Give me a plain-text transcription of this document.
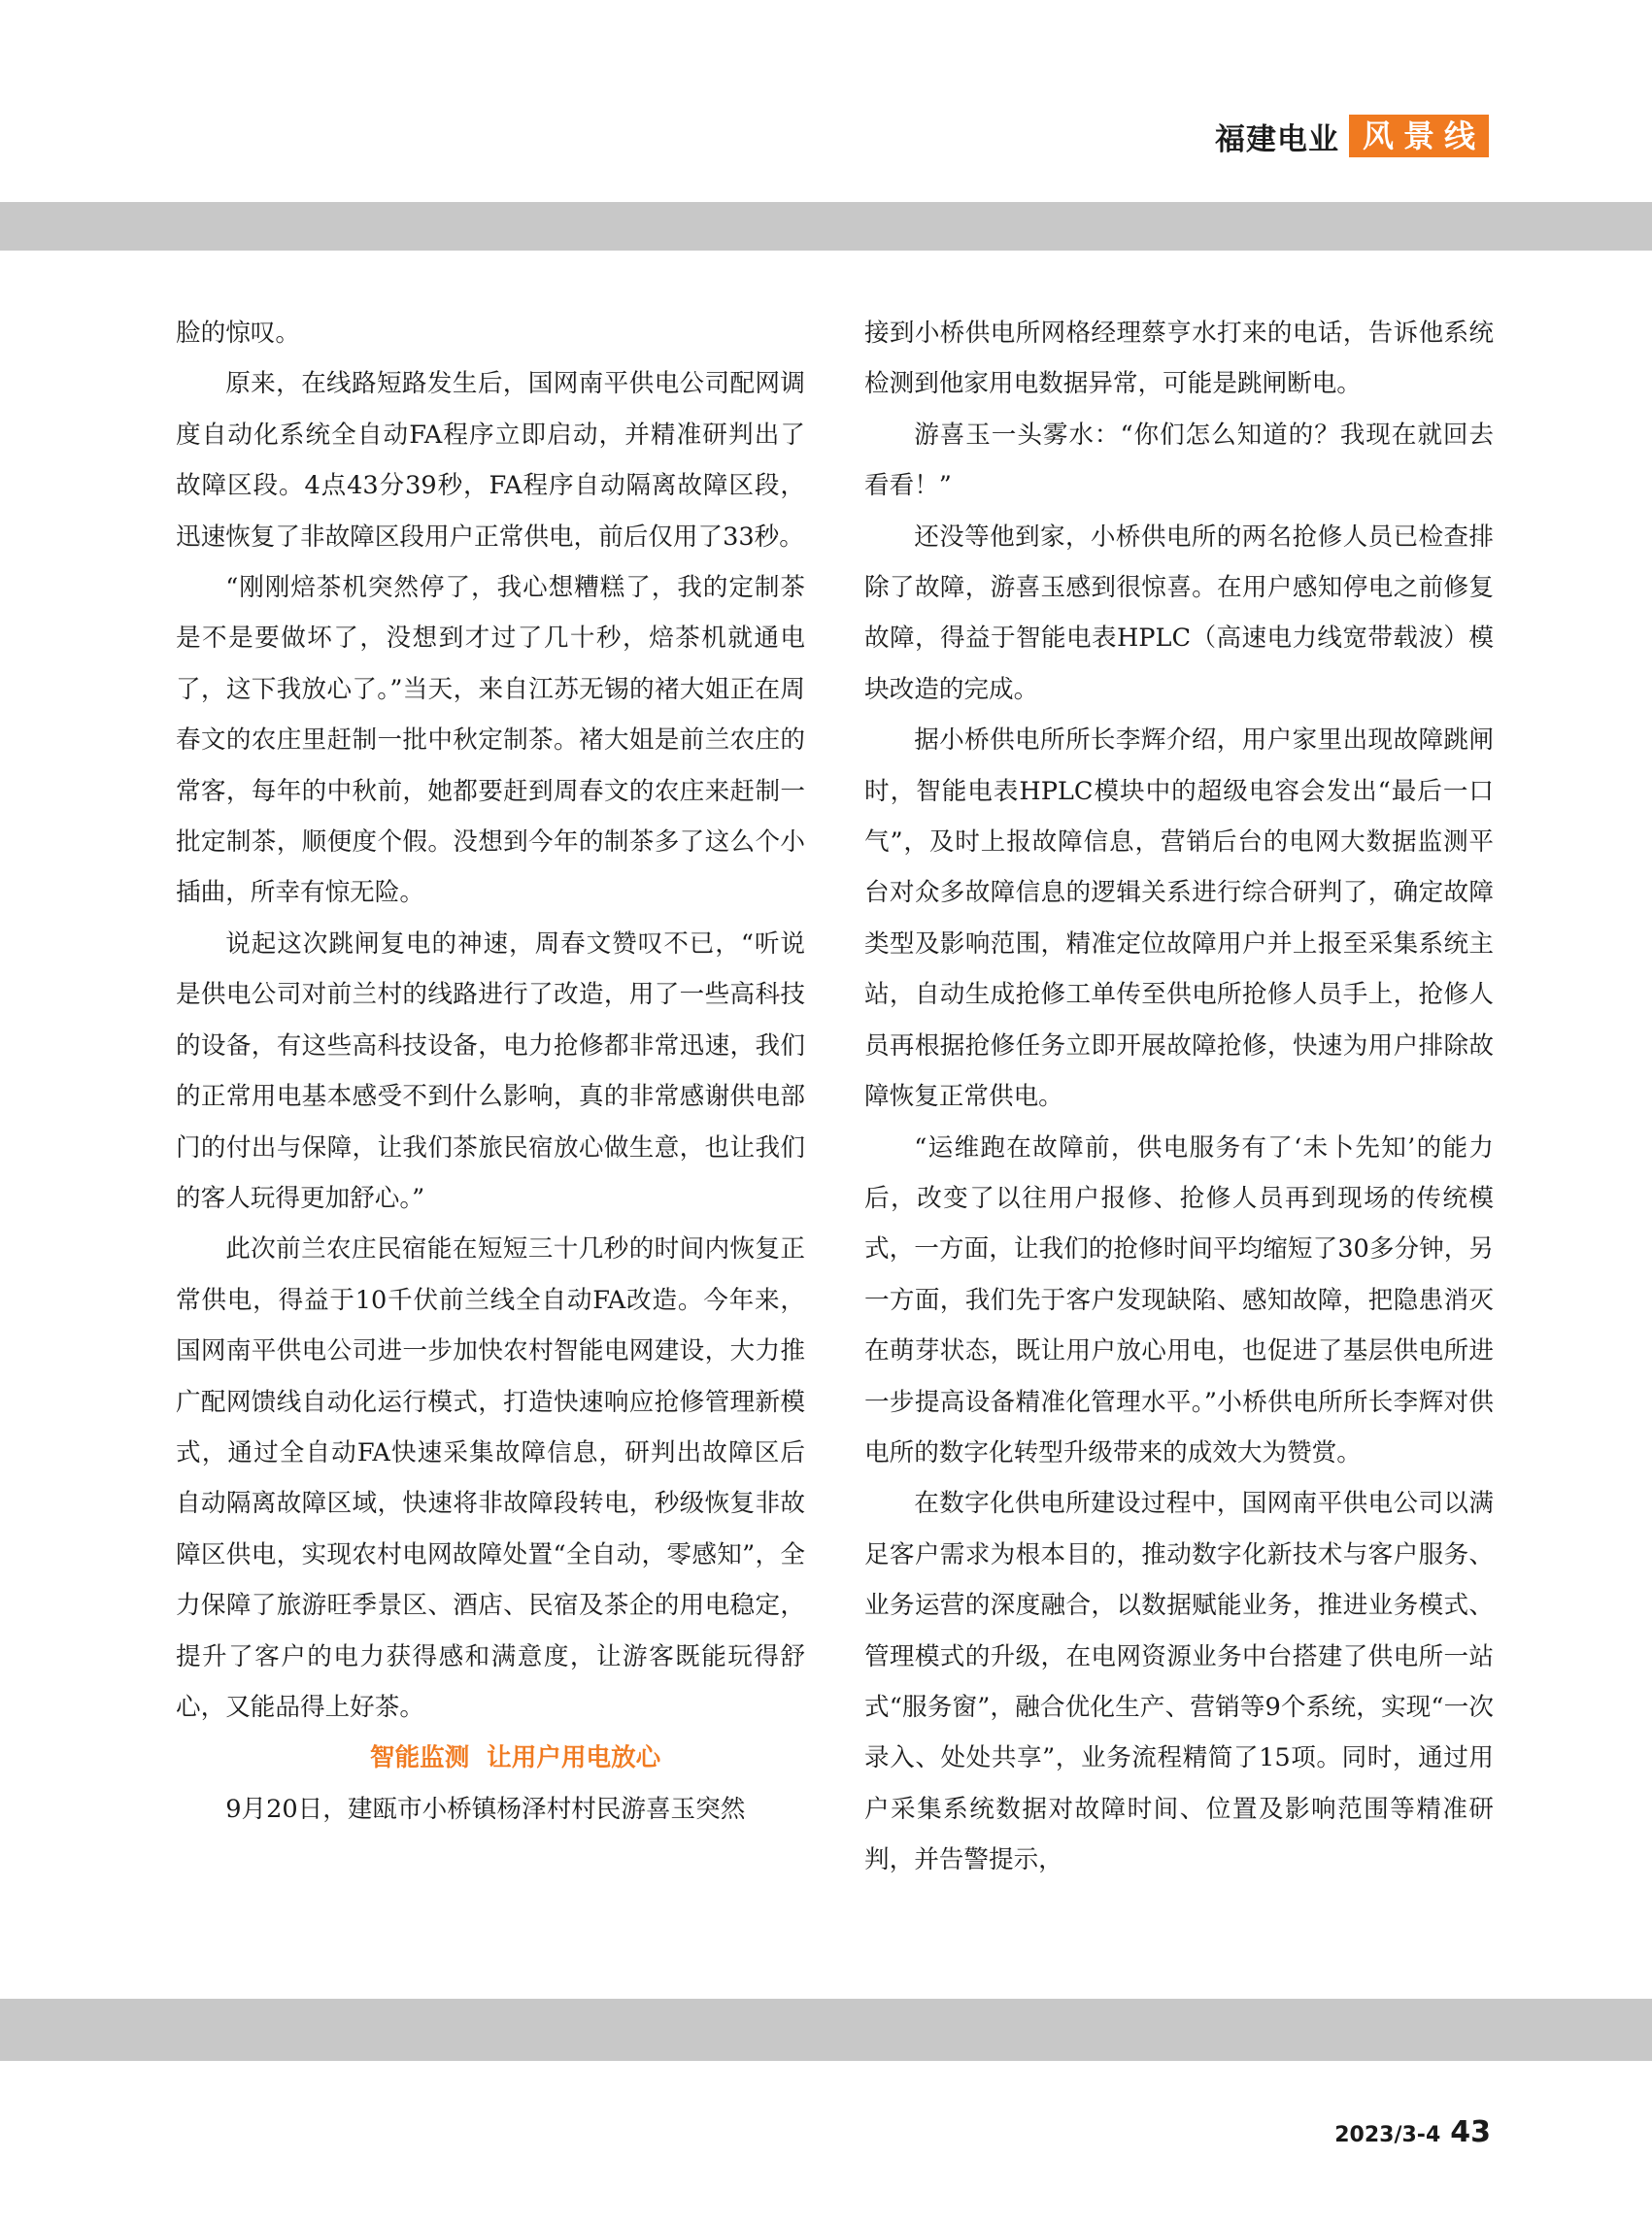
福建电业 风景线

脸的惊叹。

原来，在线路短路发生后，国网南平供电公司配网调度自动化系统全自动FA程序立即启动，并精准研判出了故障区段。4点43分39秒，FA程序自动隔离故障区段，迅速恢复了非故障区段用户正常供电，前后仅用了33秒。

“刚刚焙茶机突然停了，我心想糟糕了，我的定制茶是不是要做坏了，没想到才过了几十秒，焙茶机就通电了，这下我放心了。”当天，来自江苏无锡的褚大姐正在周春文的农庄里赶制一批中秋定制茶。褚大姐是前兰农庄的常客，每年的中秋前，她都要赶到周春文的农庄来赶制一批定制茶，顺便度个假。没想到今年的制茶多了这么个小插曲，所幸有惊无险。

说起这次跳闸复电的神速，周春文赞叹不已，“听说是供电公司对前兰村的线路进行了改造，用了一些高科技的设备，有这些高科技设备，电力抢修都非常迅速，我们的正常用电基本感受不到什么影响，真的非常感谢供电部门的付出与保障，让我们茶旅民宿放心做生意，也让我们的客人玩得更加舒心。”

此次前兰农庄民宿能在短短三十几秒的时间内恢复正常供电，得益于10千伏前兰线全自动FA改造。今年来，国网南平供电公司进一步加快农村智能电网建设，大力推广配网馈线自动化运行模式，打造快速响应抢修管理新模式，通过全自动FA快速采集故障信息，研判出故障区后自动隔离故障区域，快速将非故障段转电，秒级恢复非故障区供电，实现农村电网故障处置“全自动，零感知”，全力保障了旅游旺季景区、酒店、民宿及茶企的用电稳定，提升了客户的电力获得感和满意度，让游客既能玩得舒心，又能品得上好茶。

智能监测  让用户用电放心

9月20日，建瓯市小桥镇杨泽村村民游喜玉突然

接到小桥供电所网格经理蔡亨水打来的电话，告诉他系统检测到他家用电数据异常，可能是跳闸断电。

游喜玉一头雾水：“你们怎么知道的？我现在就回去看看！”

还没等他到家，小桥供电所的两名抢修人员已检查排除了故障，游喜玉感到很惊喜。在用户感知停电之前修复故障，得益于智能电表HPLC（高速电力线宽带载波）模块改造的完成。

据小桥供电所所长李辉介绍，用户家里出现故障跳闸时，智能电表HPLC模块中的超级电容会发出“最后一口气”，及时上报故障信息，营销后台的电网大数据监测平台对众多故障信息的逻辑关系进行综合研判了，确定故障类型及影响范围，精准定位故障用户并上报至采集系统主站，自动生成抢修工单传至供电所抢修人员手上，抢修人员再根据抢修任务立即开展故障抢修，快速为用户排除故障恢复正常供电。

“运维跑在故障前，供电服务有了‘未卜先知’的能力后，改变了以往用户报修、抢修人员再到现场的传统模式，一方面，让我们的抢修时间平均缩短了30多分钟，另一方面，我们先于客户发现缺陷、感知故障，把隐患消灭在萌芽状态，既让用户放心用电，也促进了基层供电所进一步提高设备精准化管理水平。”小桥供电所所长李辉对供电所的数字化转型升级带来的成效大为赞赏。

在数字化供电所建设过程中，国网南平供电公司以满足客户需求为根本目的，推动数字化新技术与客户服务、业务运营的深度融合，以数据赋能业务，推进业务模式、管理模式的升级，在电网资源业务中台搭建了供电所一站式“服务窗”，融合优化生产、营销等9个系统，实现“一次录入、处处共享”，业务流程精简了15项。同时，通过用户采集系统数据对故障时间、位置及影响范围等精准研判，并告警提示，

2023/3-4 43
